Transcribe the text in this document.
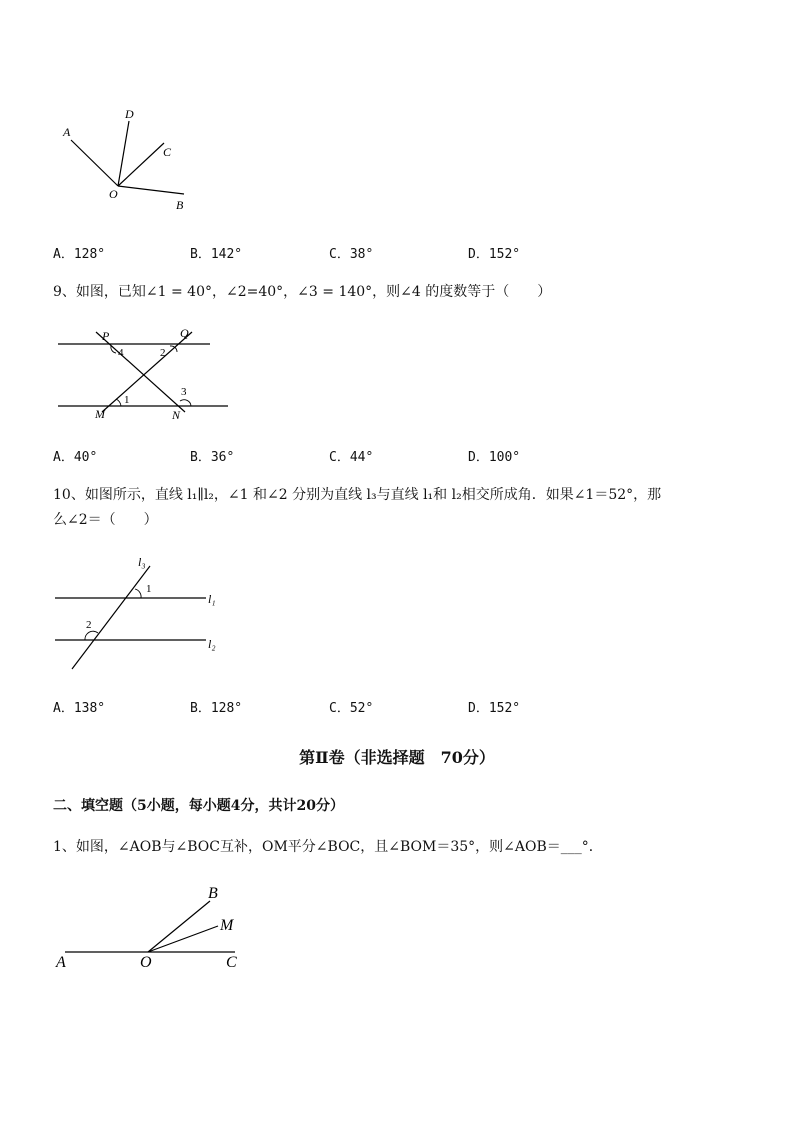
A
D
C
O
B
A．128°	B．142°	C．38°	D．152°
9、如图，已知∠1 = 40°，∠2=40°，∠3 = 140°，则∠4 的度数等于（　　）
P	Q
M	N
1
2
3
4
A．40°	B．36°	C．44°	D．100°
10、如图所示，直线 l₁∥l₂，∠1 和∠2 分别为直线 l₃与直线 l₁和 l₂相交所成角．如果∠1＝52°，那
么∠2＝（　　）
l₃
l₁
l₂
1
2
A．138°	B．128°	C．52°	D．152°
第Ⅱ卷（非选择题　70分）
二、填空题（5小题，每小题4分，共计20分）
1、如图，∠AOB与∠BOC互补，OM平分∠BOC，且∠BOM＝35°，则∠AOB＝___°．
B
M
A	O	C
